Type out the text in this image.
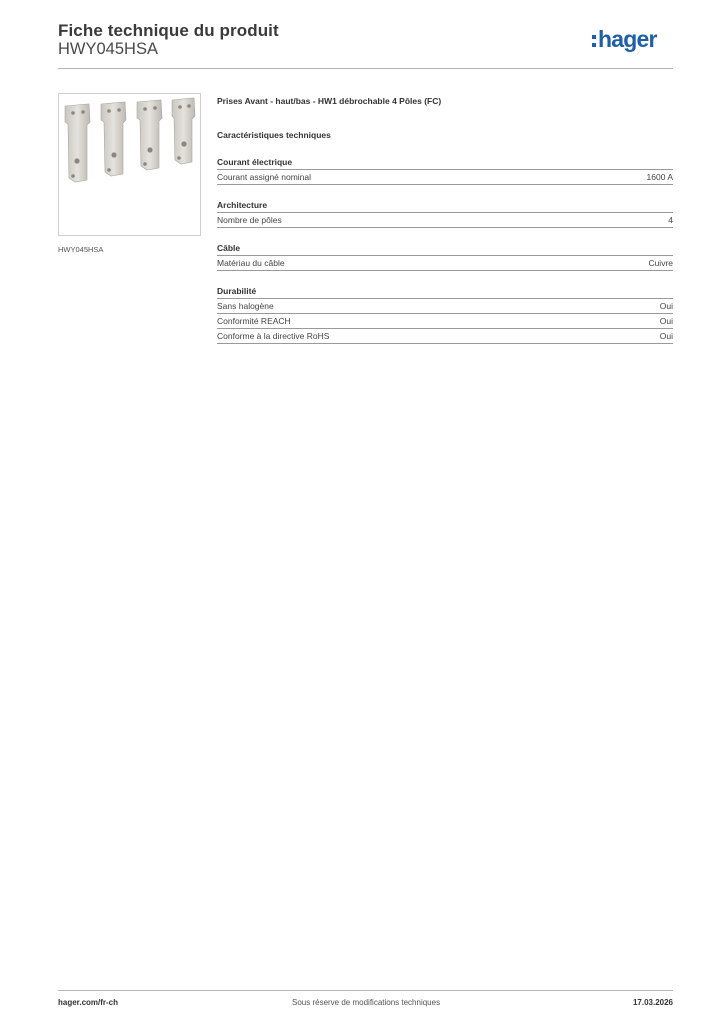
Fiche technique du produit
HWY045HSA	hager
HWY045HSA
Prises Avant - haut/bas - HW1 débrochable 4 Pôles (FC)
Caractéristiques techniques
Courant électrique
Courant assigné nominal	1600 A
Architecture
Nombre de pôles	4
Câble
Matériau du câble	Cuivre
Durabilité
Sans halogène	Oui
Conformité REACH	Oui
Conforme à la directive RoHS	Oui
hager.com/fr-ch	Sous réserve de modifications techniques	17.03.2026
